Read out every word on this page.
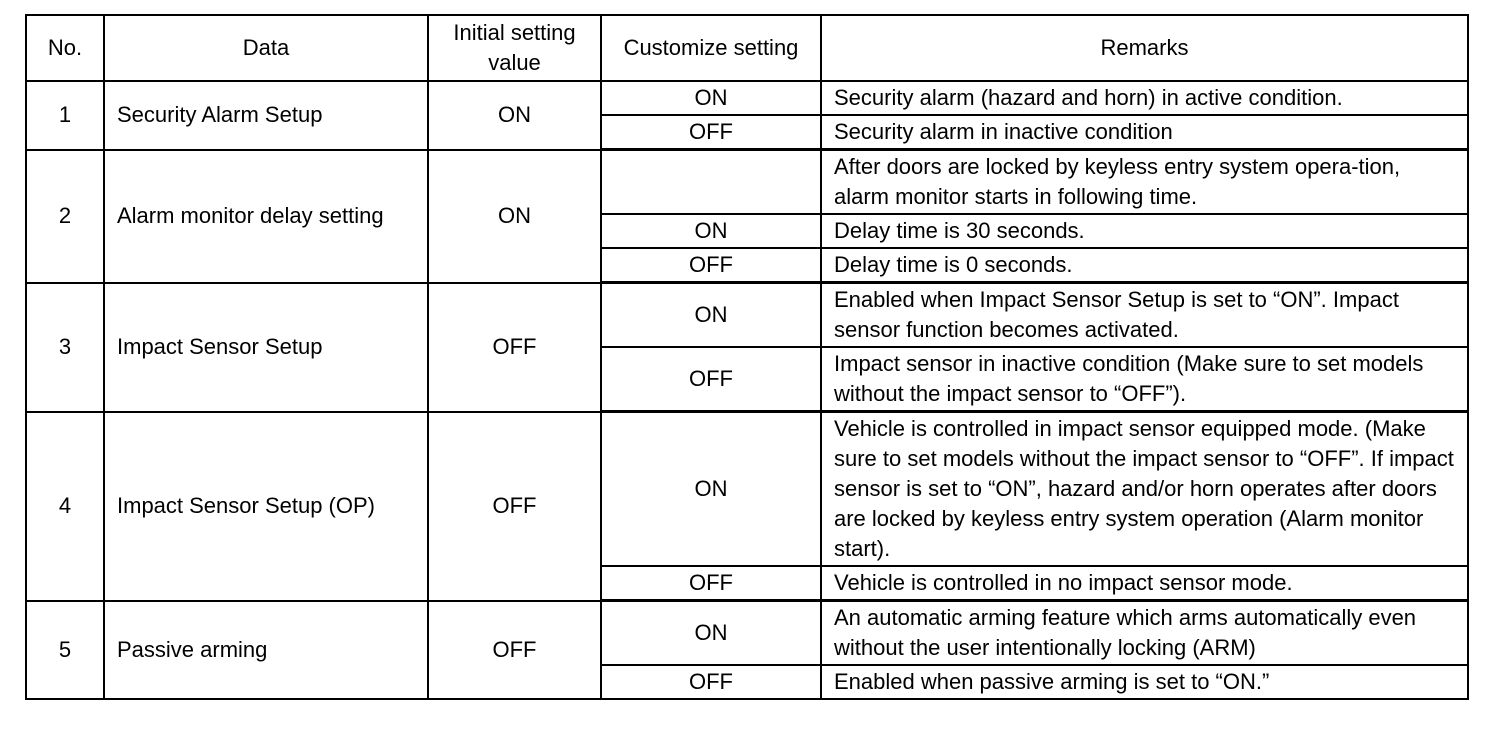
No.	Data	Initial setting value	Customize setting	Remarks
1	Security Alarm Setup	ON	ON	Security alarm (hazard and horn) in active condition.
			OFF	Security alarm in inactive condition
2	Alarm monitor delay setting	ON		After doors are locked by keyless entry system opera-tion, alarm monitor starts in following time.
			ON	Delay time is 30 seconds.
			OFF	Delay time is 0 seconds.
3	Impact Sensor Setup	OFF	ON	Enabled when Impact Sensor Setup is set to “ON”. Impact sensor function becomes activated.
			OFF	Impact sensor in inactive condition (Make sure to set models without the impact sensor to “OFF”).
4	Impact Sensor Setup (OP)	OFF	ON	Vehicle is controlled in impact sensor equipped mode. (Make sure to set models without the impact sensor to “OFF”. If impact sensor is set to “ON”, hazard and/or horn operates after doors are locked by keyless entry system operation (Alarm monitor start).
			OFF	Vehicle is controlled in no impact sensor mode.
5	Passive arming	OFF	ON	An automatic arming feature which arms automatically even without the user intentionally locking (ARM)
			OFF	Enabled when passive arming is set to “ON.”
